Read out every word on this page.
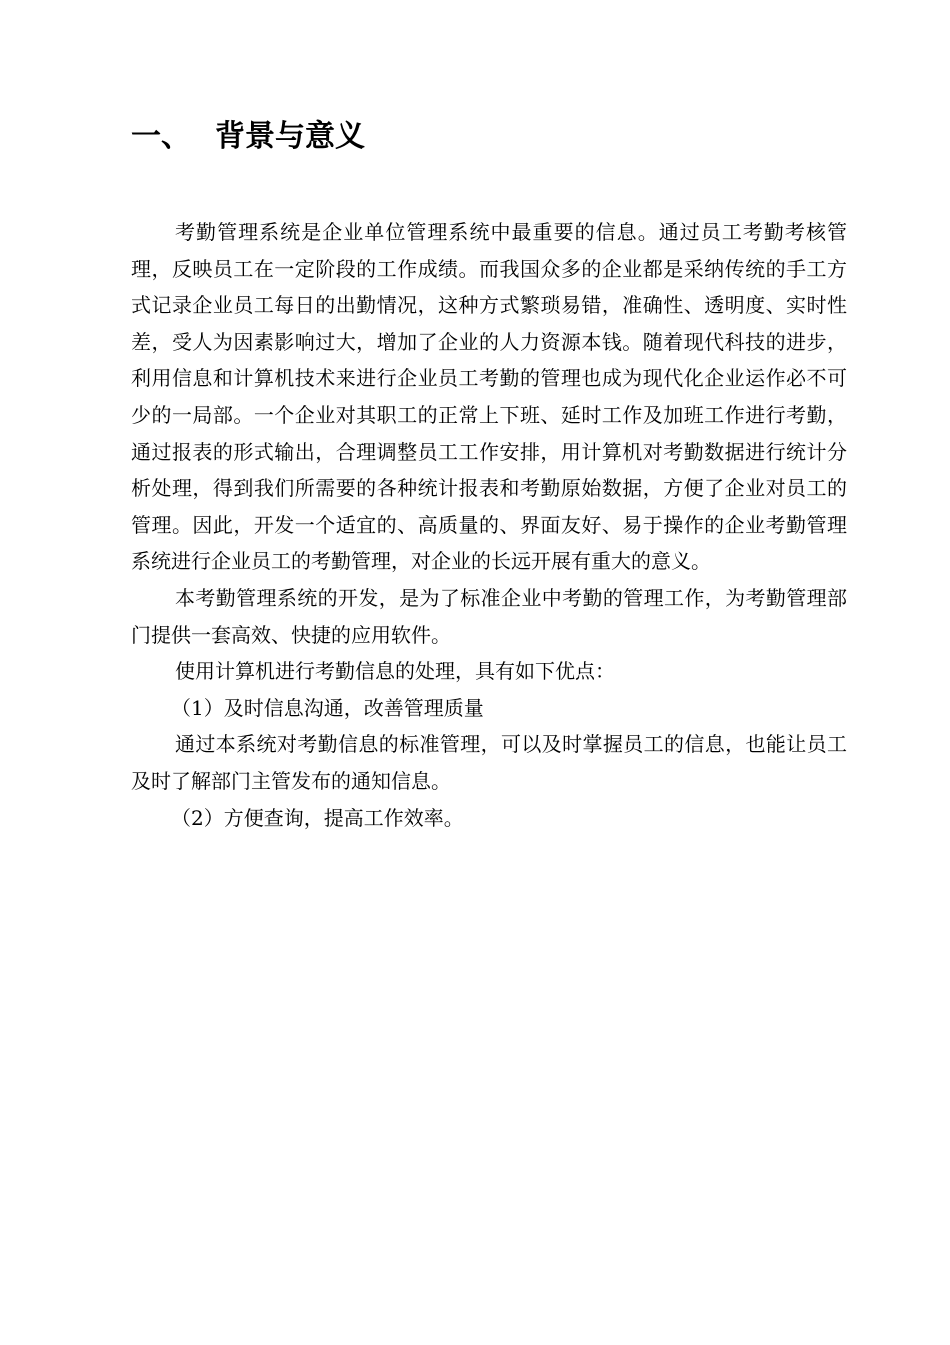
一、 背景与意义

考勤管理系统是企业单位管理系统中最重要的信息。通过员工考勤考核管理，反映员工在一定阶段的工作成绩。而我国众多的企业都是采纳传统的手工方式记录企业员工每日的出勤情况，这种方式繁琐易错，准确性、透明度、实时性差，受人为因素影响过大，增加了企业的人力资源本钱。随着现代科技的进步，利用信息和计算机技术来进行企业员工考勤的管理也成为现代化企业运作必不可少的一局部。一个企业对其职工的正常上下班、延时工作及加班工作进行考勤，通过报表的形式输出，合理调整员工工作安排，用计算机对考勤数据进行统计分析处理，得到我们所需要的各种统计报表和考勤原始数据，方便了企业对员工的管理。因此，开发一个适宜的、高质量的、界面友好、易于操作的企业考勤管理系统进行企业员工的考勤管理，对企业的长远开展有重大的意义。

本考勤管理系统的开发，是为了标准企业中考勤的管理工作，为考勤管理部门提供一套高效、快捷的应用软件。

使用计算机进行考勤信息的处理，具有如下优点：

（1）及时信息沟通，改善管理质量

通过本系统对考勤信息的标准管理，可以及时掌握员工的信息，也能让员工及时了解部门主管发布的通知信息。

（2）方便查询，提高工作效率。
